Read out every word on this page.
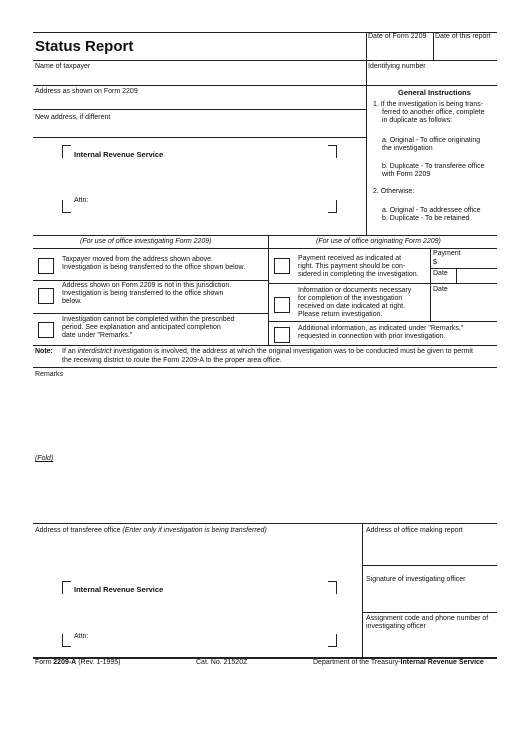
Status Report
Date of Form 2209 Date of this report
Name of taxpayer	Identifying number
Address as shown on Form 2209
New address, if different
Internal Revenue Service
Attn:
General Instructions
1. If the investigation is being trans-
ferred to another office, complete
in duplicate as follows:
a. Original - To office originating
the investigation
b. Duplicate - To transferee office
with Form 2209
2. Otherwise:
a. Original - To addressee office
b. Duplicate - To be retained
(For use of office investigating Form 2209)	(For use of office originating Form 2209)
Taxpayer moved from the address shown above.
Investigation is being transferred to the office shown below.
Address shown on Form 2209 is not in this jurisdiction.
Investigation is being transferred to the office shown
below.
Investigation cannot be completed within the prescribed
period. See explanation and anticipated completion
date under "Remarks."
Payment received as indicated at
right. This payment should be con-
sidered in completing the investigation.
Payment
$
Date
Information or documents necessary
for completion of the investigation
received on date indicated at right.
Please return investigation.
Date
Additional information, as indicated under "Remarks,"
requested in connection with prior investigation.
Note: If an interdistrict investigation is involved, the address at which the original investigation was to be conducted must be given to permit
the receiving district to route the Form 2209-A to the proper area office.
Remarks
(Fold)
Address of transferee office (Enter only if investigation is being transferred)	Address of office making report
Signature of investigating officer
Assignment code and phone number of
investigating officer
Internal Revenue Service
Attn:
Form 2209-A (Rev. 1-1995)	Cat. No. 21520Z	Department of the Treasury-Internal Revenue Service
